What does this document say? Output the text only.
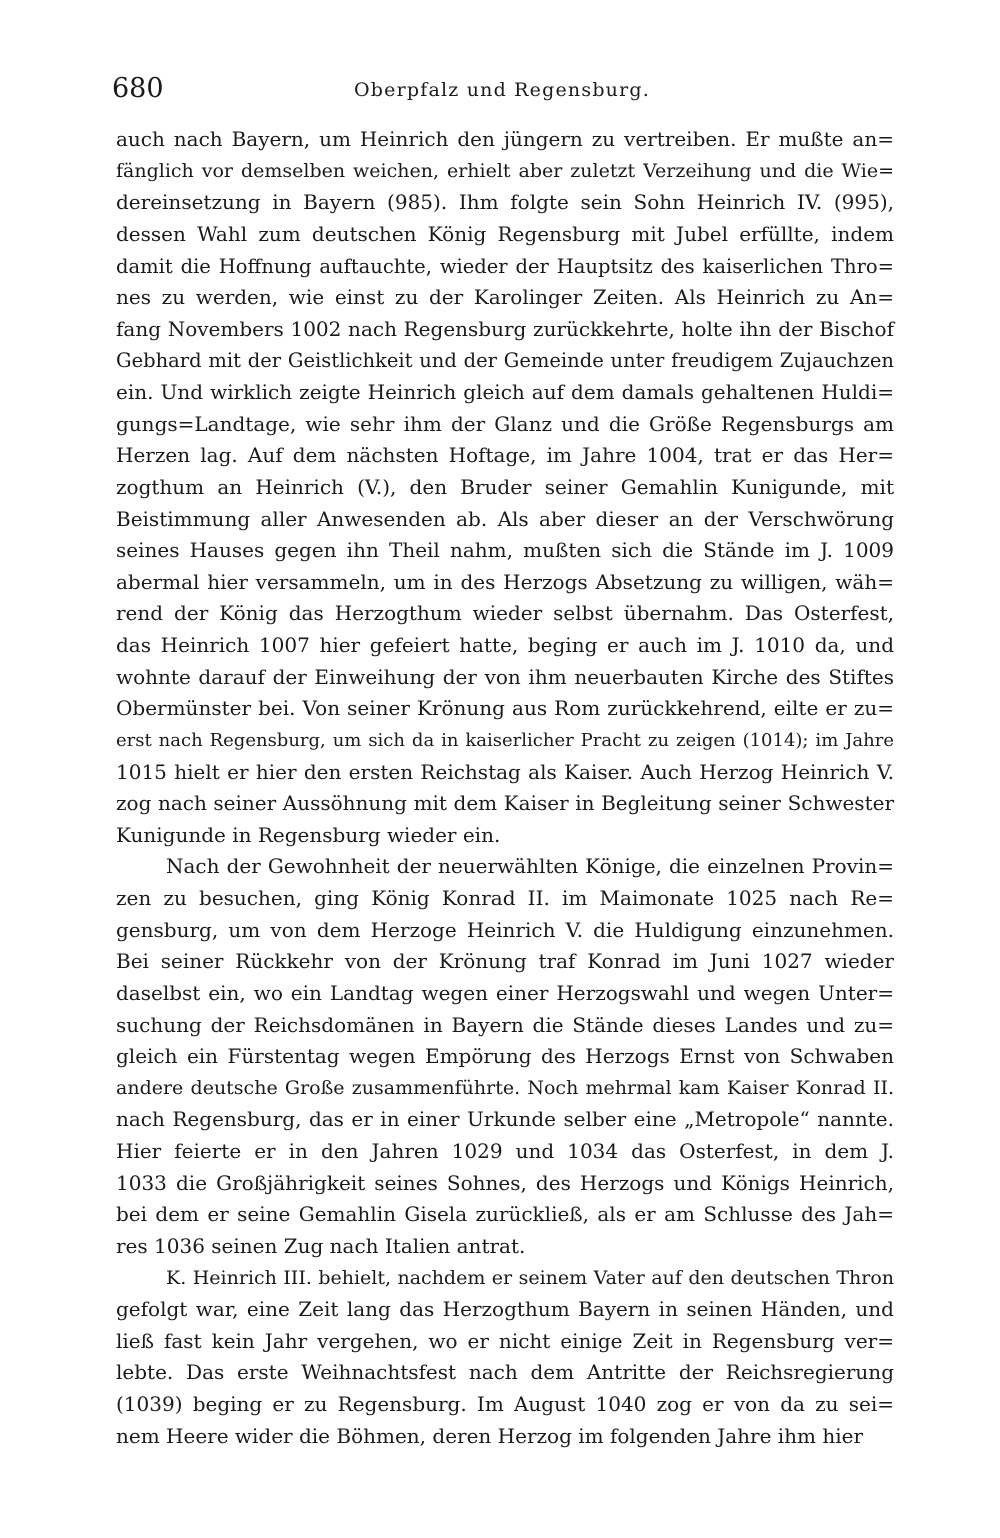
680	Oberpfalz und Regensburg.
auch nach Bayern, um Heinrich den jüngern zu vertreiben. Er mußte an=
fänglich vor demselben weichen, erhielt aber zuletzt Verzeihung und die Wie=
dereinsetzung in Bayern (985). Ihm folgte sein Sohn Heinrich IV. (995),
dessen Wahl zum deutschen König Regensburg mit Jubel erfüllte, indem
damit die Hoffnung auftauchte, wieder der Hauptsitz des kaiserlichen Thro=
nes zu werden, wie einst zu der Karolinger Zeiten. Als Heinrich zu An=
fang Novembers 1002 nach Regensburg zurückkehrte, holte ihn der Bischof
Gebhard mit der Geistlichkeit und der Gemeinde unter freudigem Zujauchzen
ein. Und wirklich zeigte Heinrich gleich auf dem damals gehaltenen Huldi=
gungs=Landtage, wie sehr ihm der Glanz und die Größe Regensburgs am
Herzen lag. Auf dem nächsten Hoftage, im Jahre 1004, trat er das Her=
zogthum an Heinrich (V.), den Bruder seiner Gemahlin Kunigunde, mit
Beistimmung aller Anwesenden ab. Als aber dieser an der Verschwörung
seines Hauses gegen ihn Theil nahm, mußten sich die Stände im J. 1009
abermal hier versammeln, um in des Herzogs Absetzung zu willigen, wäh=
rend der König das Herzogthum wieder selbst übernahm. Das Osterfest,
das Heinrich 1007 hier gefeiert hatte, beging er auch im J. 1010 da, und
wohnte darauf der Einweihung der von ihm neuerbauten Kirche des Stiftes
Obermünster bei. Von seiner Krönung aus Rom zurückkehrend, eilte er zu=
erst nach Regensburg, um sich da in kaiserlicher Pracht zu zeigen (1014); im Jahre
1015 hielt er hier den ersten Reichstag als Kaiser. Auch Herzog Heinrich V.
zog nach seiner Aussöhnung mit dem Kaiser in Begleitung seiner Schwester
Kunigunde in Regensburg wieder ein.
Nach der Gewohnheit der neuerwählten Könige, die einzelnen Provin=
zen zu besuchen, ging König Konrad II. im Maimonate 1025 nach Re=
gensburg, um von dem Herzoge Heinrich V. die Huldigung einzunehmen.
Bei seiner Rückkehr von der Krönung traf Konrad im Juni 1027 wieder
daselbst ein, wo ein Landtag wegen einer Herzogswahl und wegen Unter=
suchung der Reichsdomänen in Bayern die Stände dieses Landes und zu=
gleich ein Fürstentag wegen Empörung des Herzogs Ernst von Schwaben
andere deutsche Große zusammenführte. Noch mehrmal kam Kaiser Konrad II.
nach Regensburg, das er in einer Urkunde selber eine „Metropole“ nannte.
Hier feierte er in den Jahren 1029 und 1034 das Osterfest, in dem J.
1033 die Großjährigkeit seines Sohnes, des Herzogs und Königs Heinrich,
bei dem er seine Gemahlin Gisela zurückließ, als er am Schlusse des Jah=
res 1036 seinen Zug nach Italien antrat.
K. Heinrich III. behielt, nachdem er seinem Vater auf den deutschen Thron
gefolgt war, eine Zeit lang das Herzogthum Bayern in seinen Händen, und
ließ fast kein Jahr vergehen, wo er nicht einige Zeit in Regensburg ver=
lebte. Das erste Weihnachtsfest nach dem Antritte der Reichsregierung
(1039) beging er zu Regensburg. Im August 1040 zog er von da zu sei=
nem Heere wider die Böhmen, deren Herzog im folgenden Jahre ihm hier
